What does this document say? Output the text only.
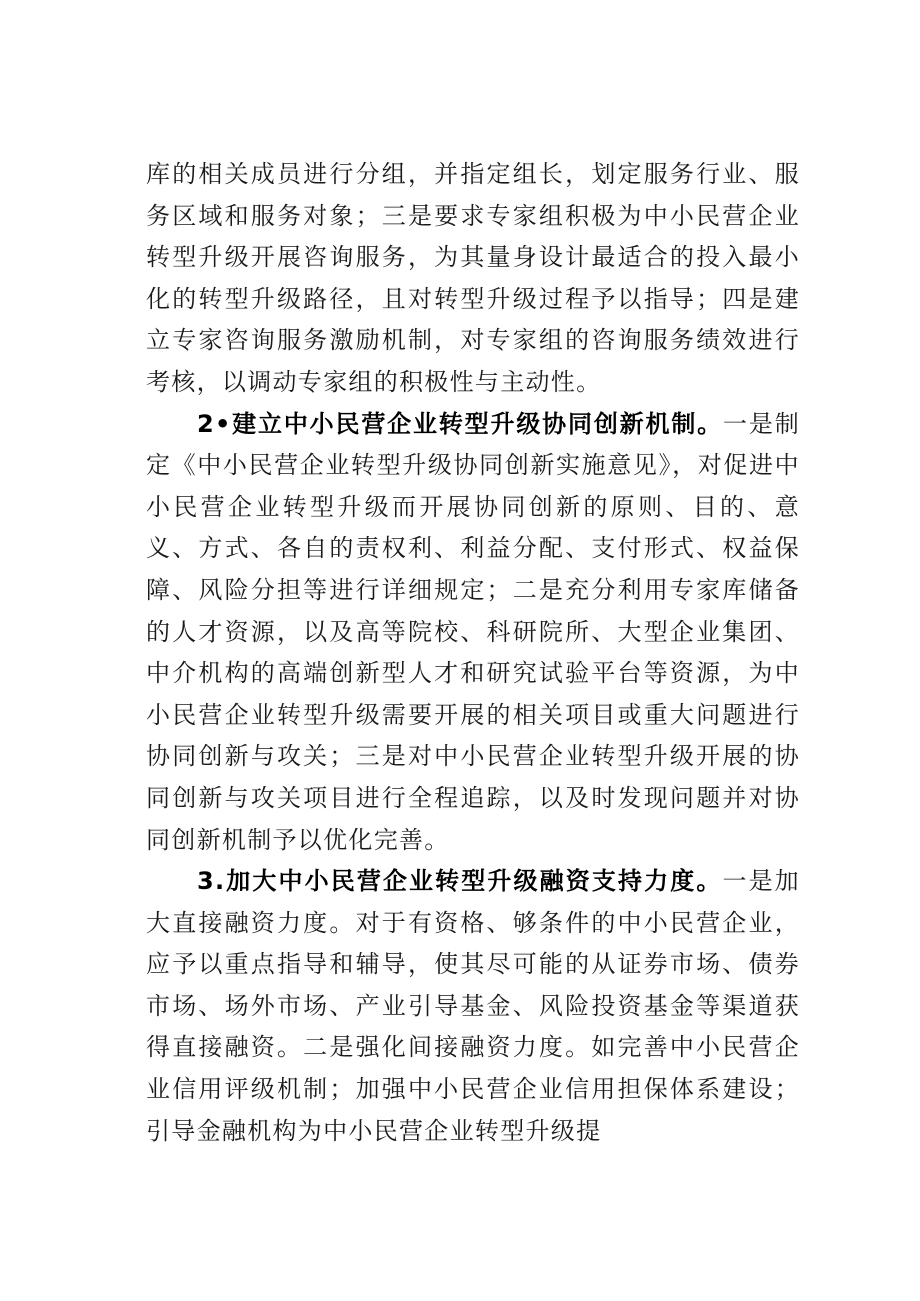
库的相关成员进行分组，并指定组长，划定服务行业、服务区域和服务对象；三是要求专家组积极为中小民营企业转型升级开展咨询服务，为其量身设计最适合的投入最小化的转型升级路径，且对转型升级过程予以指导；四是建立专家咨询服务激励机制，对专家组的咨询服务绩效进行考核，以调动专家组的积极性与主动性。

2•建立中小民营企业转型升级协同创新机制。一是制定《中小民营企业转型升级协同创新实施意见》，对促进中小民营企业转型升级而开展协同创新的原则、目的、意义、方式、各自的责权利、利益分配、支付形式、权益保障、风险分担等进行详细规定；二是充分利用专家库储备的人才资源，以及高等院校、科研院所、大型企业集团、中介机构的高端创新型人才和研究试验平台等资源，为中小民营企业转型升级需要开展的相关项目或重大问题进行协同创新与攻关；三是对中小民营企业转型升级开展的协同创新与攻关项目进行全程追踪，以及时发现问题并对协同创新机制予以优化完善。

3.加大中小民营企业转型升级融资支持力度。一是加大直接融资力度。对于有资格、够条件的中小民营企业，应予以重点指导和辅导，使其尽可能的从证券市场、债券市场、场外市场、产业引导基金、风险投资基金等渠道获得直接融资。二是强化间接融资力度。如完善中小民营企业信用评级机制；加强中小民营企业信用担保体系建设；引导金融机构为中小民营企业转型升级提
